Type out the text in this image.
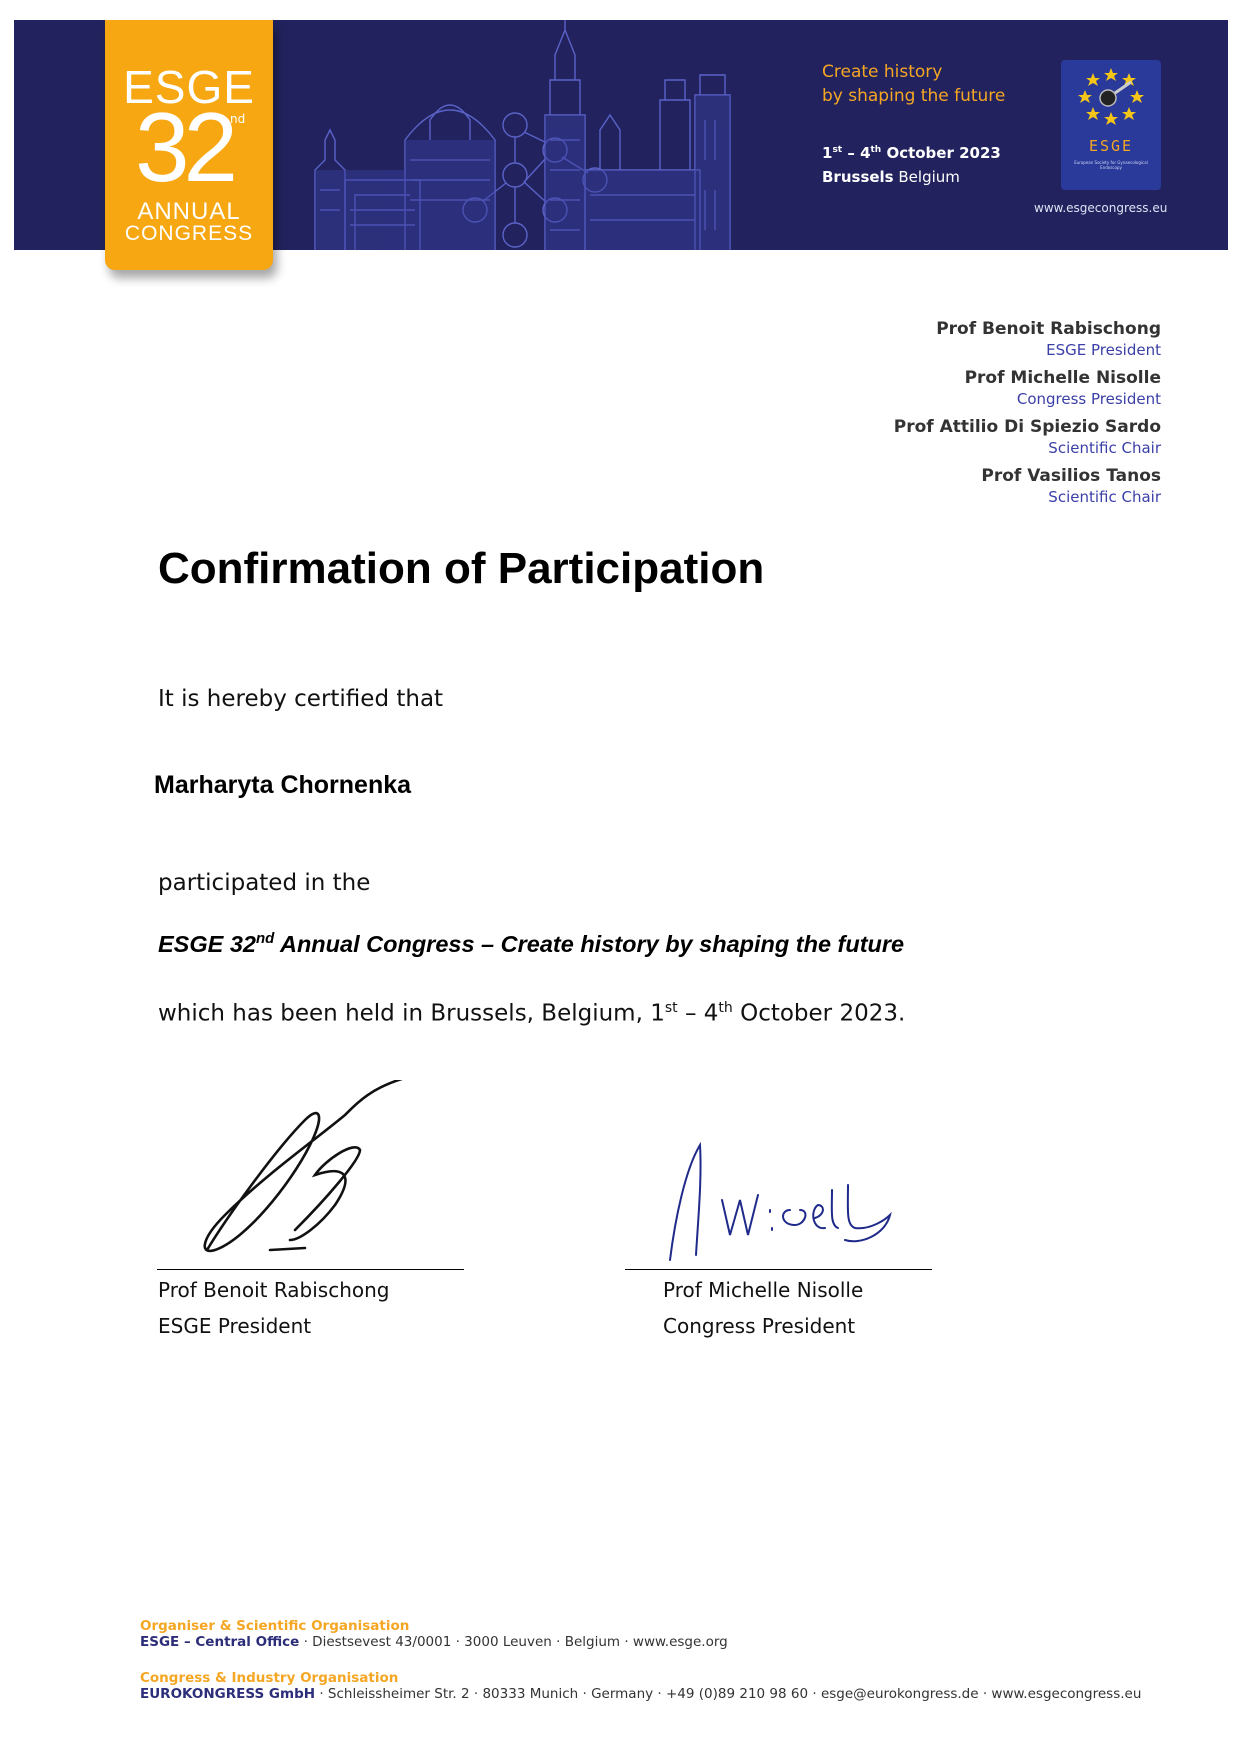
ESGE
32
nd
ANNUAL
CONGRESS
Create history
by shaping the future
1st – 4th October 2023
Brussels Belgium
ESGE
European Society for Gynaecological Endoscopy
www.esgecongress.eu
Prof Benoit Rabischong
ESGE President
Prof Michelle Nisolle
Congress President
Prof Attilio Di Spiezio Sardo
Scientific Chair
Prof Vasilios Tanos
Scientific Chair
Confirmation of Participation
It is hereby certified that
Marharyta Chornenka
participated in the
ESGE 32nd Annual Congress – Create history by shaping the future
which has been held in Brussels, Belgium, 1st – 4th October 2023.
Prof Benoit Rabischong
ESGE President
Prof Michelle Nisolle
Congress President
Organiser & Scientific Organisation
ESGE – Central Office · Diestsevest 43/0001 · 3000 Leuven · Belgium · www.esge.org
Congress & Industry Organisation
EUROKONGRESS GmbH · Schleissheimer Str. 2 · 80333 Munich · Germany · +49 (0)89 210 98 60 · esge@eurokongress.de · www.esgecongress.eu
